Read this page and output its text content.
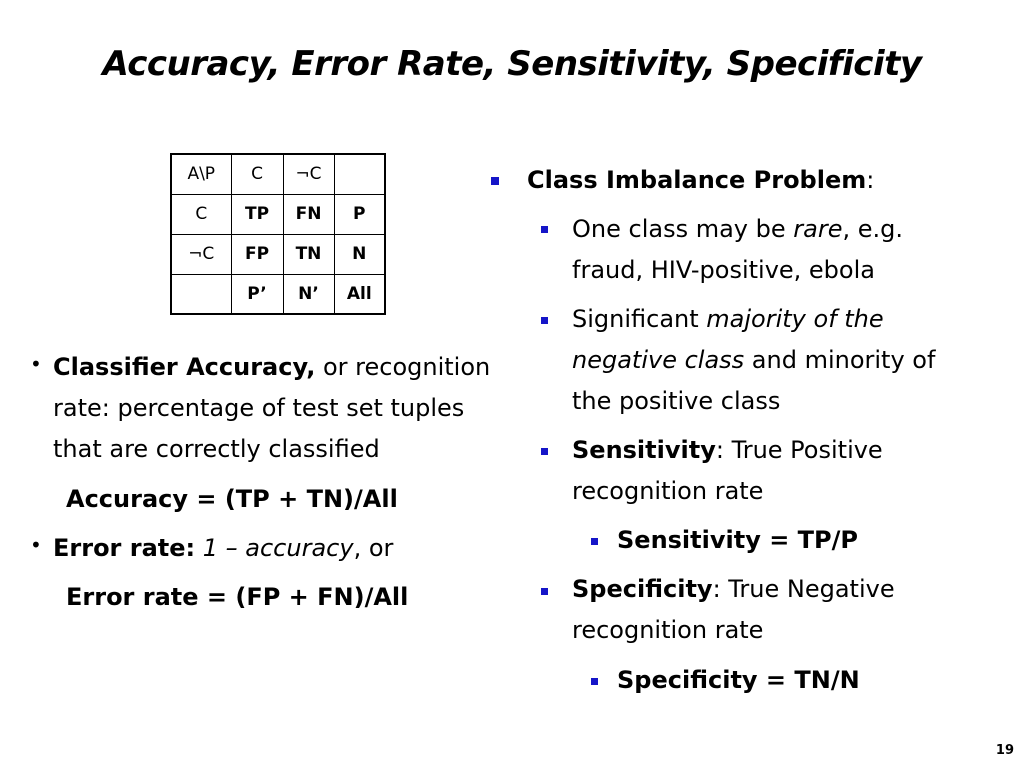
Accuracy, Error Rate, Sensitivity, Specificity
A\P	C	¬C	
C	TP	FN	P
¬C	FP	TN	N
	P’	N’	All
• Classifier Accuracy, or recognition
rate: percentage of test set tuples
that are correctly classified
Accuracy = (TP + TN)/All
• Error rate: 1 – accuracy, or
Error rate = (FP + FN)/All
Class Imbalance Problem:
One class may be rare, e.g.
fraud, HIV-positive, ebola
Significant majority of the
negative class and minority of
the positive class
Sensitivity: True Positive
recognition rate
Sensitivity = TP/P
Specificity: True Negative
recognition rate
Specificity = TN/N
19
